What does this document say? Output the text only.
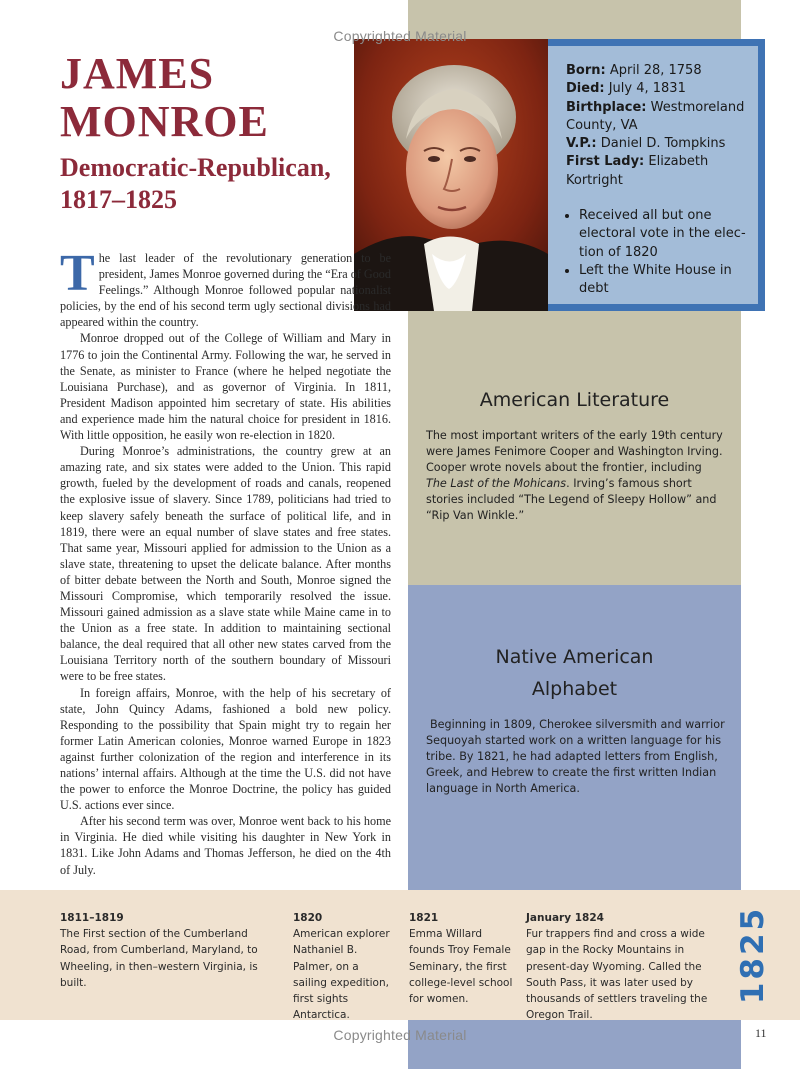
Copyrighted Material
JAMES
MONROE
Democratic-Republican,
1817–1825

Born: April 28, 1758

Died: July 4, 1831

Birthplace: Westmoreland County, VA

V.P.: Daniel D. Tompkins

First Lady: Elizabeth Kortright

• Received all but one electoral vote in the elec-tion of 1820
• Left the White House in debt

The last leader of the revolutionary generation to be president, James Monroe governed during the “Era of Good Feelings.” Although Monroe followed popular nationalist policies, by the end of his second term ugly sectional divisions had appeared within the country.

Monroe dropped out of the College of William and Mary in 1776 to join the Continental Army. Following the war, he served in the Senate, as minister to France (where he helped negotiate the Louisiana Purchase), and as governor of Virginia. In 1811, President Madison appointed him secretary of state. His abilities and experience made him the natural choice for president in 1816. With little opposition, he easily won re-election in 1820.

During Monroe’s administrations, the country grew at an amazing rate, and six states were added to the Union. This rapid growth, fueled by the development of roads and canals, reopened the explosive issue of slavery. Since 1789, politicians had tried to keep slavery safely beneath the surface of political life, and in 1819, there were an equal number of slave states and free states. That same year, Missouri applied for admission to the Union as a slave state, threatening to upset the delicate balance. After months of bitter debate between the North and South, Monroe signed the Missouri Compromise, which temporarily resolved the issue. Missouri gained admission as a slave state while Maine came in to the Union as a free state. In addition to maintaining sectional balance, the deal required that all other new states carved from the Louisiana Territory north of the southern boundary of Missouri were to be free states.

In foreign affairs, Monroe, with the help of his secretary of state, John Quincy Adams, fashioned a bold new policy. Responding to the possibility that Spain might try to regain her former Latin American colonies, Monroe warned Europe in 1823 against further colonization of the region and interference in its nations’ internal affairs. Although at the time the U.S. did not have the power to enforce the Monroe Doctrine, the policy has guided U.S. actions ever since.

After his second term was over, Monroe went back to his home in Virginia. He died while visiting his daughter in New York in 1831. Like John Adams and Thomas Jefferson, he died on the 4th of July.

American Literature

The most important writers of the early 19th century were James Fenimore Cooper and Washington Irving. Cooper wrote novels about the frontier, including The Last of the Mohicans. Irving’s famous short stories included “The Legend of Sleepy Hollow” and “Rip Van Winkle.”

Native American
Alphabet

Beginning in 1809, Cherokee silversmith and warrior Sequoyah started work on a written language for his tribe. By 1821, he had adapted letters from English, Greek, and Hebrew to create the first written Indian language in North America.

1811–1819

The First section of the Cumberland Road, from Cumberland, Maryland, to Wheeling, in then–western Virginia, is built.

1820

American explorer Nathaniel B. Palmer, on a sailing expedition, first sights Antarctica.

1821

Emma Willard founds Troy Female Seminary, the first college-level school for women.

January 1824

Fur trappers find and cross a wide gap in the Rocky Mountains in present-day Wyoming. Called the South Pass, it was later used by thousands of settlers traveling the Oregon Trail.

1825
Copyrighted Material	11
